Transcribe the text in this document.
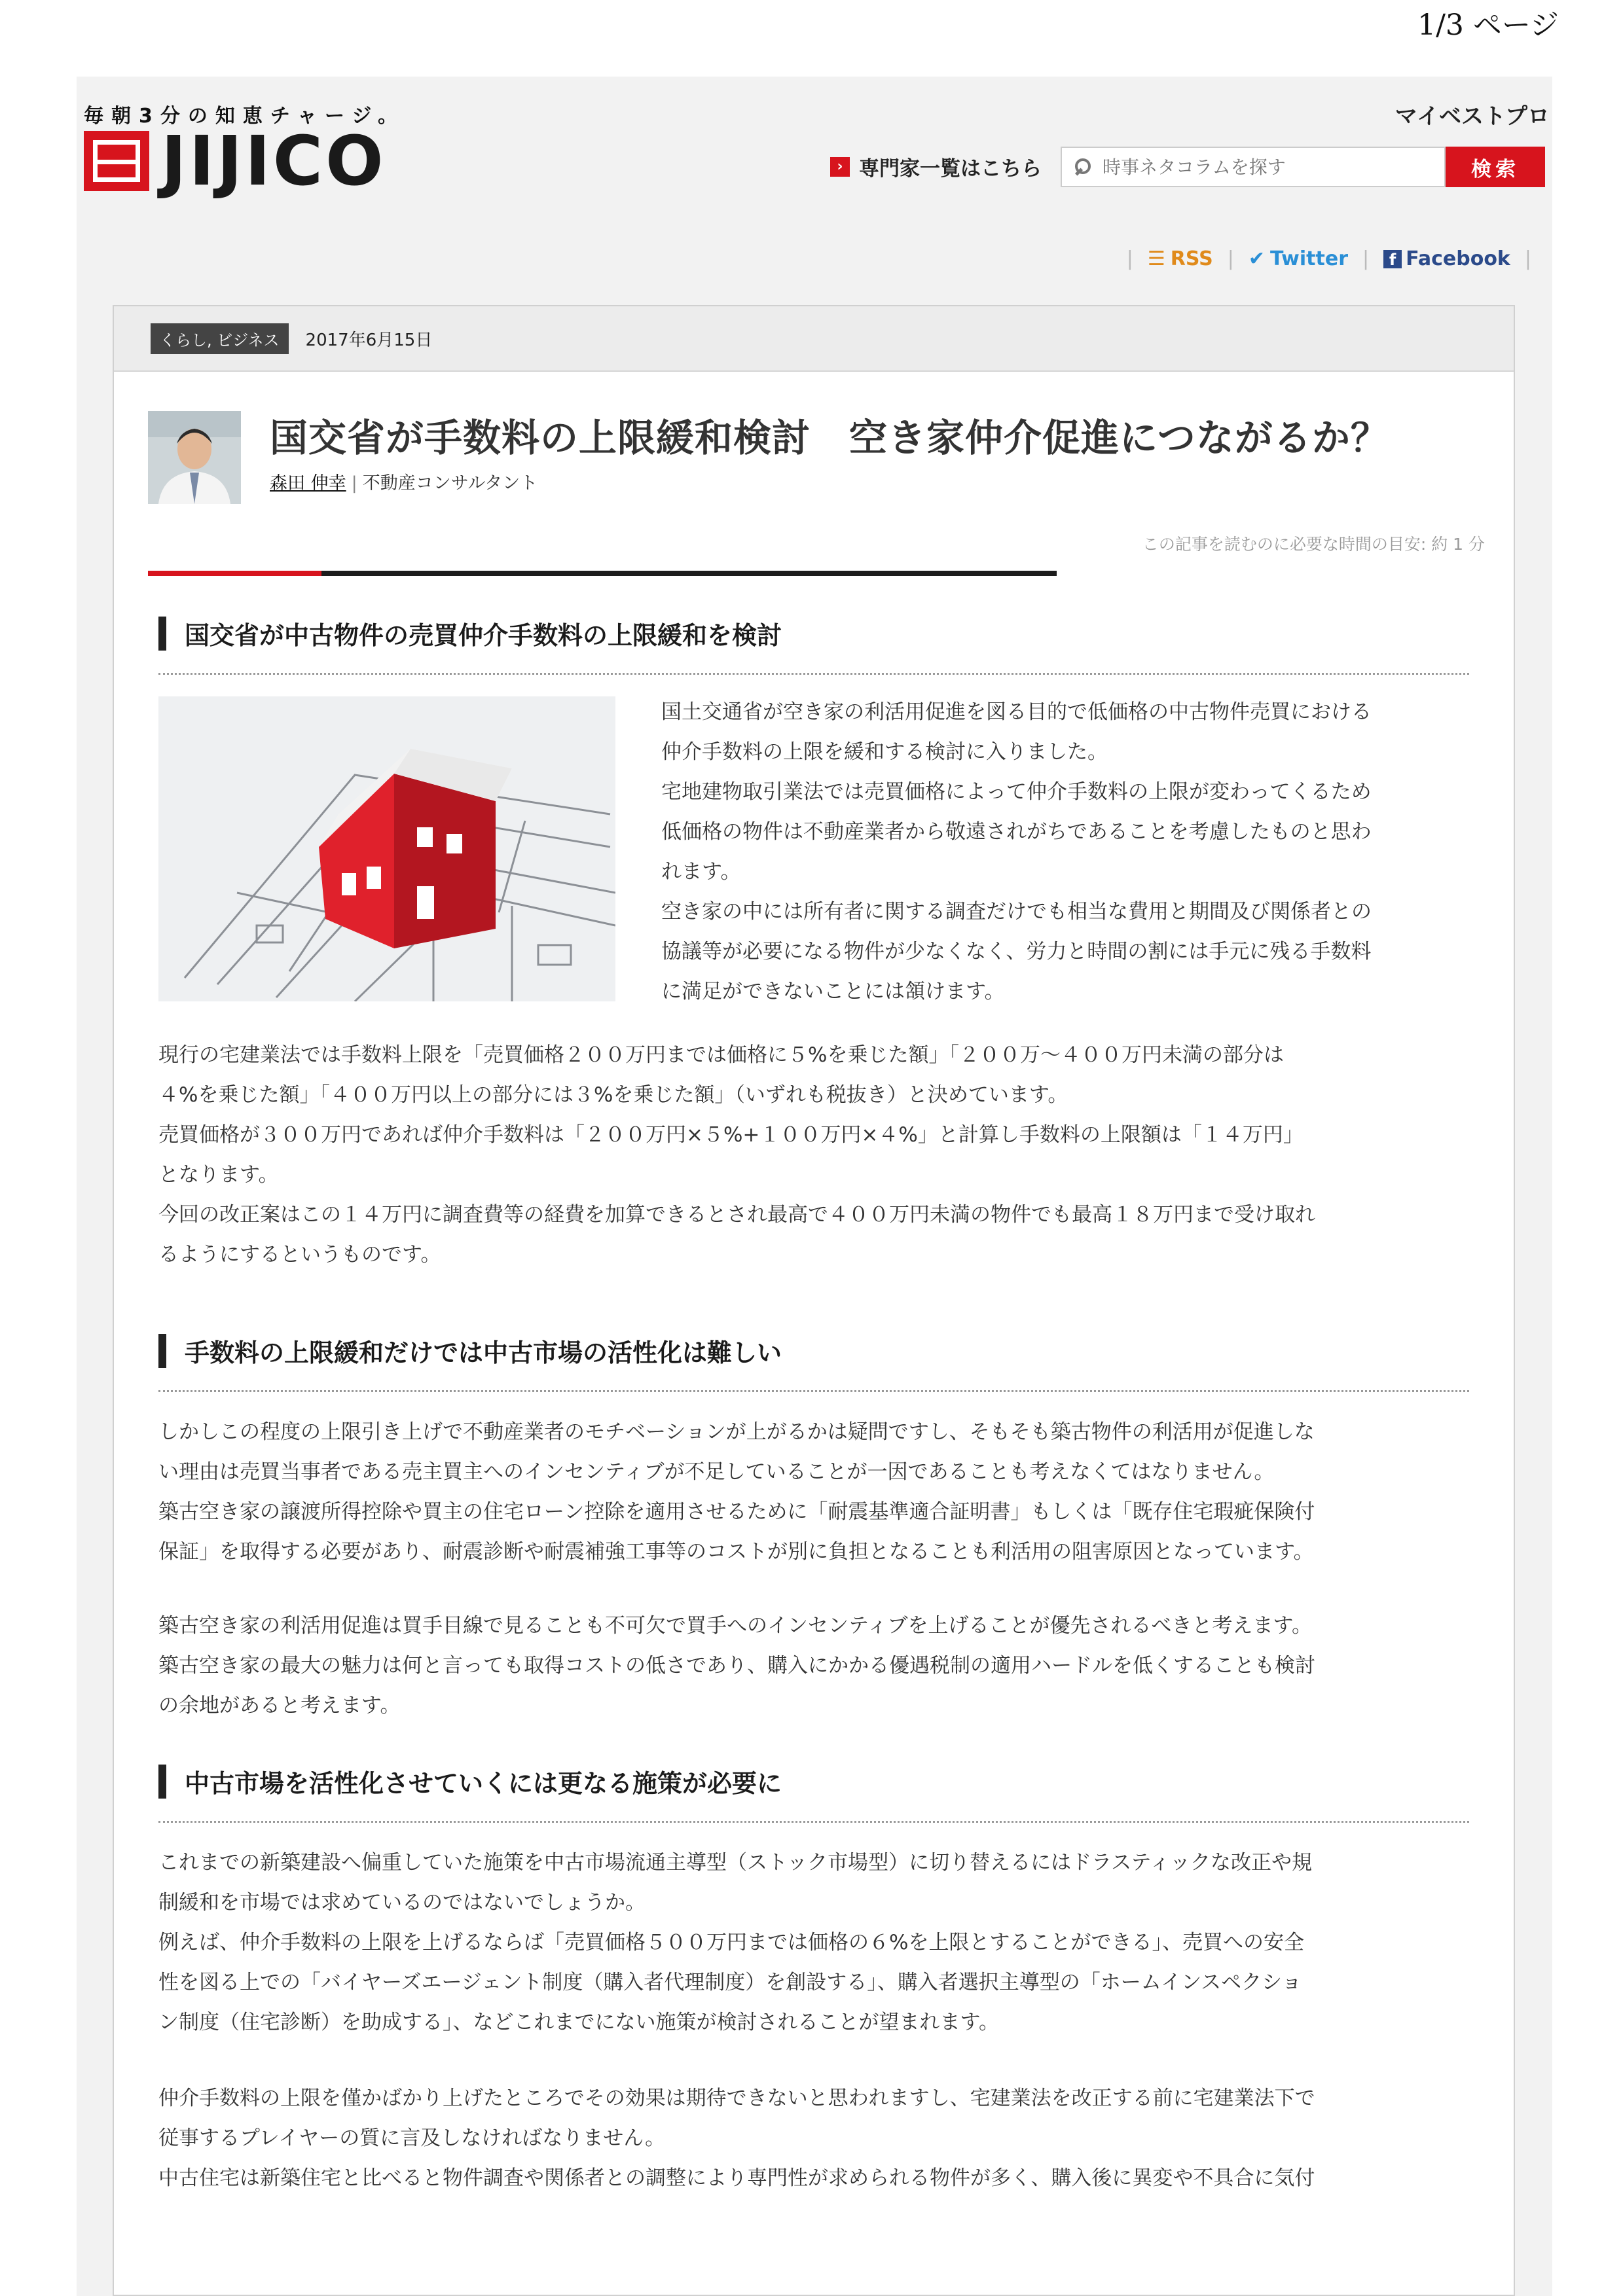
1/3 ページ
毎朝3分の知恵チャージ。
JIJICO
マイベストプロ
› 専門家一覧はこちら
時事ネタコラムを探す	検索
| ☰ RSS | ✔ Twitter |	f Facebook |
くらし, ビジネス	2017年6月15日
国交省が手数料の上限緩和検討　空き家仲介促進につながるか？
森田 伸幸 | 不動産コンサルタント
この記事を読むのに必要な時間の目安: 約 1 分
国交省が中古物件の売買仲介手数料の上限緩和を検討

国土交通省が空き家の利活用促進を図る目的で低価格の中古物件売買における

仲介手数料の上限を緩和する検討に入りました。

宅地建物取引業法では売買価格によって仲介手数料の上限が変わってくるため

低価格の物件は不動産業者から敬遠されがちであることを考慮したものと思わ

れます。

空き家の中には所有者に関する調査だけでも相当な費用と期間及び関係者との

協議等が必要になる物件が少なくなく、労力と時間の割には手元に残る手数料

に満足ができないことには頷けます。

現行の宅建業法では手数料上限を「売買価格２００万円までは価格に５%を乗じた額」「２００万〜４００万円未満の部分は

４%を乗じた額」「４００万円以上の部分には３%を乗じた額」（いずれも税抜き）と決めています。

売買価格が３００万円であれば仲介手数料は「２００万円×５%+１００万円×４%」と計算し手数料の上限額は「１４万円」

となります。

今回の改正案はこの１４万円に調査費等の経費を加算できるとされ最高で４００万円未満の物件でも最高１８万円まで受け取れ

るようにするというものです。

手数料の上限緩和だけでは中古市場の活性化は難しい

しかしこの程度の上限引き上げで不動産業者のモチベーションが上がるかは疑問ですし、そもそも築古物件の利活用が促進しな

い理由は売買当事者である売主買主へのインセンティブが不足していることが一因であることも考えなくてはなりません。

築古空き家の譲渡所得控除や買主の住宅ローン控除を適用させるために「耐震基準適合証明書」もしくは「既存住宅瑕疵保険付

保証」を取得する必要があり、耐震診断や耐震補強工事等のコストが別に負担となることも利活用の阻害原因となっています。

築古空き家の利活用促進は買手目線で見ることも不可欠で買手へのインセンティブを上げることが優先されるべきと考えます。

築古空き家の最大の魅力は何と言っても取得コストの低さであり、購入にかかる優遇税制の適用ハードルを低くすることも検討

の余地があると考えます。

中古市場を活性化させていくには更なる施策が必要に

これまでの新築建設へ偏重していた施策を中古市場流通主導型（ストック市場型）に切り替えるにはドラスティックな改正や規

制緩和を市場では求めているのではないでしょうか。

例えば、仲介手数料の上限を上げるならば「売買価格５００万円までは価格の６%を上限とすることができる」、売買への安全

性を図る上での「バイヤーズエージェント制度（購入者代理制度）を創設する」、購入者選択主導型の「ホームインスペクショ

ン制度（住宅診断）を助成する」、などこれまでにない施策が検討されることが望まれます。

仲介手数料の上限を僅かばかり上げたところでその効果は期待できないと思われますし、宅建業法を改正する前に宅建業法下で

従事するプレイヤーの質に言及しなければなりません。

中古住宅は新築住宅と比べると物件調査や関係者との調整により専門性が求められる物件が多く、購入後に異変や不具合に気付
